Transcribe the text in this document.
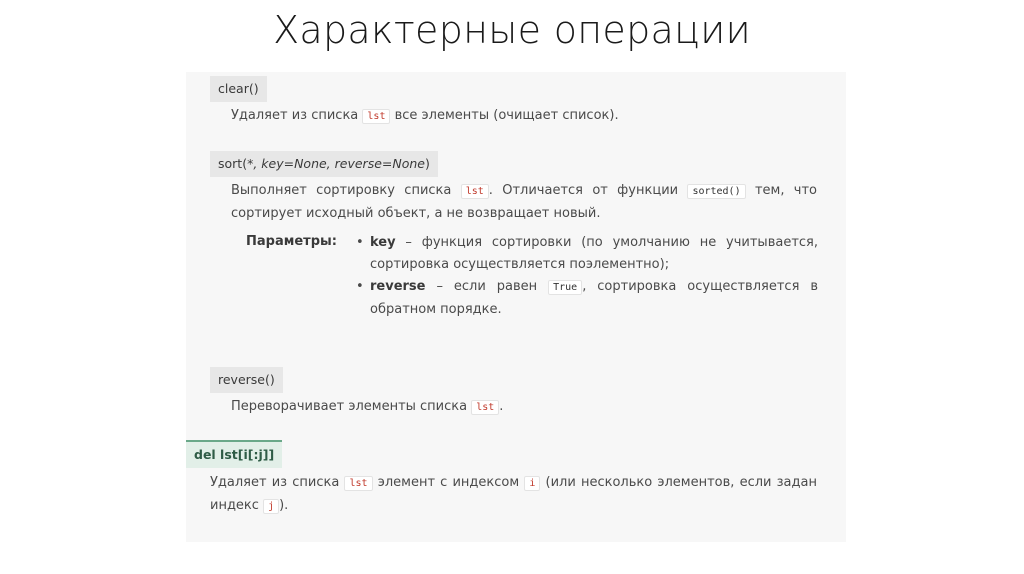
Характерные операции
clear()
Удаляет из списка lst все элементы (очищает список).
sort(*, key=None, reverse=None)
Выполняет сортировку списка lst . Отличается от функции sorted() тем, что сортирует исходный объект, а не возвращает новый.
Параметры: • key – функция сортировки (по умолчанию не учитывается, сортировка осуществляется поэлементно);
• reverse – если равен True , сортировка осуществляется в обратном порядке.
reverse()
Переворачивает элементы списка lst .
del lst[i[:j]]
Удаляет из списка lst элемент с индексом i (или несколько элементов, если задан индекс j ).
